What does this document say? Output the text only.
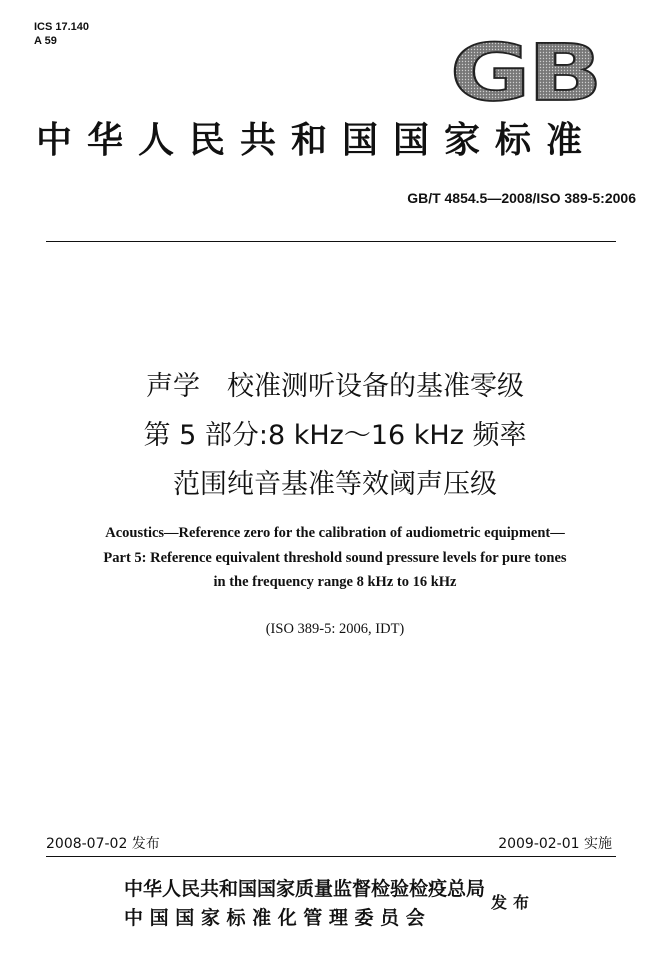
ICS 17.140
A 59	GB
中华人民共和国国家标准
GB/T 4854.5—2008/ISO 389-5:2006
声学　校准测听设备的基准零级
第 5 部分:8 kHz～16 kHz 频率
范围纯音基准等效阈声压级
Acoustics—Reference zero for the calibration of audiometric equipment—
Part 5: Reference equivalent threshold sound pressure levels for pure tones
in the frequency range 8 kHz to 16 kHz
(ISO 389-5: 2006, IDT)
2008-07-02 发布	2009-02-01 实施
中华人民共和国国家质量监督检验检疫总局
中 国 国 家 标 准 化 管 理 委 员 会
发布
